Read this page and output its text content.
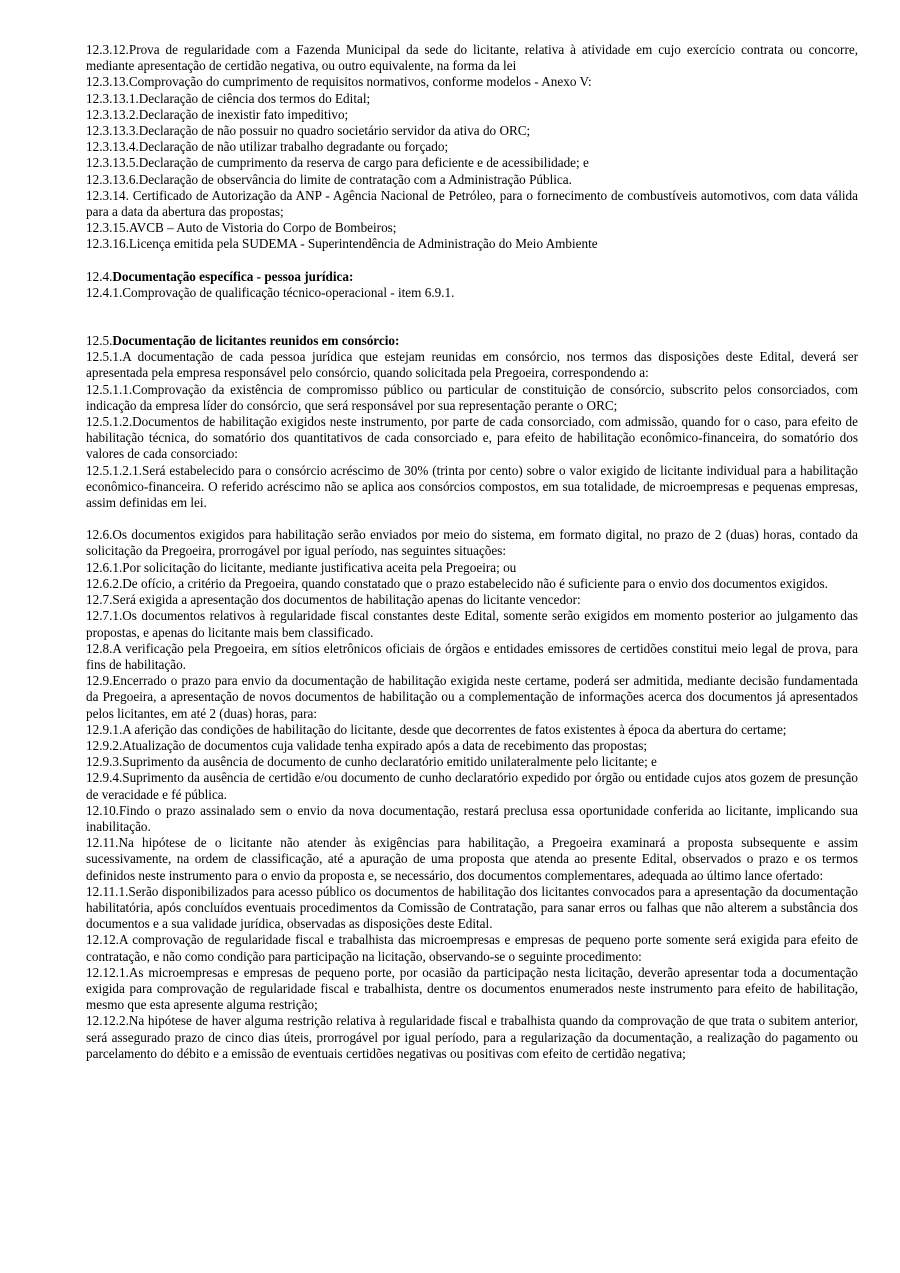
12.3.12.Prova de regularidade com a Fazenda Municipal da sede do licitante, relativa à atividade em cujo exercício contrata ou concorre, mediante apresentação de certidão negativa, ou outro equivalente, na forma da lei

12.3.13.Comprovação do cumprimento de requisitos normativos, conforme modelos - Anexo V:

12.3.13.1.Declaração de ciência dos termos do Edital;

12.3.13.2.Declaração de inexistir fato impeditivo;

12.3.13.3.Declaração de não possuir no quadro societário servidor da ativa do ORC;

12.3.13.4.Declaração de não utilizar trabalho degradante ou forçado;

12.3.13.5.Declaração de cumprimento da reserva de cargo para deficiente e de acessibilidade; e

12.3.13.6.Declaração de observância do limite de contratação com a Administração Pública.

12.3.14. Certificado de Autorização da ANP - Agência Nacional de Petróleo, para o fornecimento de combustíveis automotivos, com data válida para a data da abertura das propostas;

12.3.15.AVCB – Auto de Vistoria do Corpo de Bombeiros;

12.3.16.Licença emitida pela SUDEMA - Superintendência de Administração do Meio Ambiente

12.4.Documentação específica - pessoa jurídica:

12.4.1.Comprovação de qualificação técnico-operacional - item 6.9.1.

12.5.Documentação de licitantes reunidos em consórcio:

12.5.1.A documentação de cada pessoa jurídica que estejam reunidas em consórcio, nos termos das disposições deste Edital, deverá ser apresentada pela empresa responsável pelo consórcio, quando solicitada pela Pregoeira, correspondendo a:

12.5.1.1.Comprovação da existência de compromisso público ou particular de constituição de consórcio, subscrito pelos consorciados, com indicação da empresa líder do consórcio, que será responsável por sua representação perante o ORC;

12.5.1.2.Documentos de habilitação exigidos neste instrumento, por parte de cada consorciado, com admissão, quando for o caso, para efeito de habilitação técnica, do somatório dos quantitativos de cada consorciado e, para efeito de habilitação econômico-financeira, do somatório dos valores de cada consorciado:

12.5.1.2.1.Será estabelecido para o consórcio acréscimo de 30% (trinta por cento) sobre o valor exigido de licitante individual para a habilitação econômico-financeira. O referido acréscimo não se aplica aos consórcios compostos, em sua totalidade, de microempresas e pequenas empresas, assim definidas em lei.

12.6.Os documentos exigidos para habilitação serão enviados por meio do sistema, em formato digital, no prazo de 2 (duas) horas, contado da solicitação da Pregoeira, prorrogável por igual período, nas seguintes situações:

12.6.1.Por solicitação do licitante, mediante justificativa aceita pela Pregoeira; ou

12.6.2.De ofício, a critério da Pregoeira, quando constatado que o prazo estabelecido não é suficiente para o envio dos documentos exigidos.

12.7.Será exigida a apresentação dos documentos de habilitação apenas do licitante vencedor:

12.7.1.Os documentos relativos à regularidade fiscal constantes deste Edital, somente serão exigidos em momento posterior ao julgamento das propostas, e apenas do licitante mais bem classificado.

12.8.A verificação pela Pregoeira, em sítios eletrônicos oficiais de órgãos e entidades emissores de certidões constitui meio legal de prova, para fins de habilitação.

12.9.Encerrado o prazo para envio da documentação de habilitação exigida neste certame, poderá ser admitida, mediante decisão fundamentada da Pregoeira, a apresentação de novos documentos de habilitação ou a complementação de informações acerca dos documentos já apresentados pelos licitantes, em até 2 (duas) horas, para:

12.9.1.A aferição das condições de habilitação do licitante, desde que decorrentes de fatos existentes à época da abertura do certame;

12.9.2.Atualização de documentos cuja validade tenha expirado após a data de recebimento das propostas;

12.9.3.Suprimento da ausência de documento de cunho declaratório emitido unilateralmente pelo licitante; e

12.9.4.Suprimento da ausência de certidão e/ou documento de cunho declaratório expedido por órgão ou entidade cujos atos gozem de presunção de veracidade e fé pública.

12.10.Findo o prazo assinalado sem o envio da nova documentação, restará preclusa essa oportunidade conferida ao licitante, implicando sua inabilitação.

12.11.Na hipótese de o licitante não atender às exigências para habilitação, a Pregoeira examinará a proposta subsequente e assim sucessivamente, na ordem de classificação, até a apuração de uma proposta que atenda ao presente Edital, observados o prazo e os termos definidos neste instrumento para o envio da proposta e, se necessário, dos documentos complementares, adequada ao último lance ofertado:

12.11.1.Serão disponibilizados para acesso público os documentos de habilitação dos licitantes convocados para a apresentação da documentação habilitatória, após concluídos eventuais procedimentos da Comissão de Contratação, para sanar erros ou falhas que não alterem a substância dos documentos e a sua validade jurídica, observadas as disposições deste Edital.

12.12.A comprovação de regularidade fiscal e trabalhista das microempresas e empresas de pequeno porte somente será exigida para efeito de contratação, e não como condição para participação na licitação, observando-se o seguinte procedimento:

12.12.1.As microempresas e empresas de pequeno porte, por ocasião da participação nesta licitação, deverão apresentar toda a documentação exigida para comprovação de regularidade fiscal e trabalhista, dentre os documentos enumerados neste instrumento para efeito de habilitação, mesmo que esta apresente alguma restrição;

12.12.2.Na hipótese de haver alguma restrição relativa à regularidade fiscal e trabalhista quando da comprovação de que trata o subitem anterior, será assegurado prazo de cinco dias úteis, prorrogável por igual período, para a regularização da documentação, a realização do pagamento ou parcelamento do débito e a emissão de eventuais certidões negativas ou positivas com efeito de certidão negativa;
